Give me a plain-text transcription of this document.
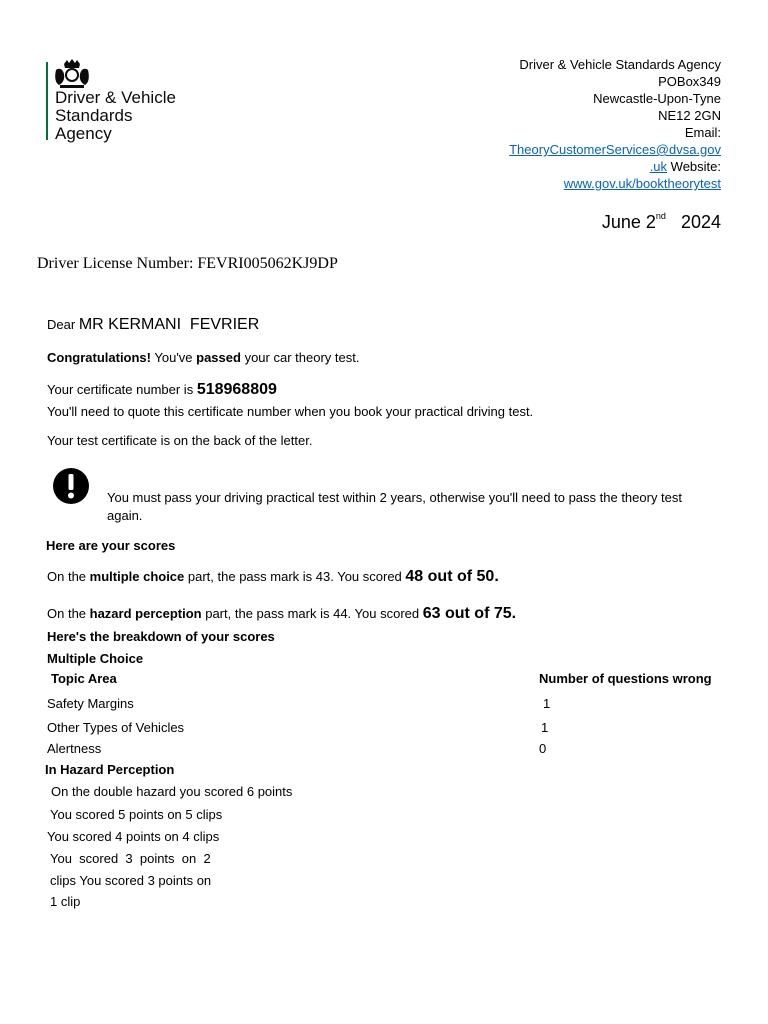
Driver & Vehicle
Standards
Agency
Driver & Vehicle Standards Agency
POBox349
Newcastle-Upon-Tyne
NE12 2GN
Email:
TheoryCustomerServices@dvsa.gov
.uk Website:
www.gov.uk/booktheorytest
June 2nd 2024
Driver License Number: FEVRI005062KJ9DP
Dear MR KERMANI  FEVRIER
Congratulations! You've passed your car theory test.
Your certificate number is 518968809
You'll need to quote this certificate number when you book your practical driving test.
Your test certificate is on the back of the letter.
You must pass your driving practical test within 2 years, otherwise you'll need to pass the theory test again.
Here are your scores
On the multiple choice part, the pass mark is 43. You scored 48 out of 50.
On the hazard perception part, the pass mark is 44. You scored 63 out of 75.
Here's the breakdown of your scores
Multiple Choice
Topic Area	Number of questions wrong
Safety Margins	1
Other Types of Vehicles	1
Alertness	0
In Hazard Perception
On the double hazard you scored 6 points
You scored 5 points on 5 clips
You scored 4 points on 4 clips
You  scored  3  points  on  2
clips You scored 3 points on
1 clip
